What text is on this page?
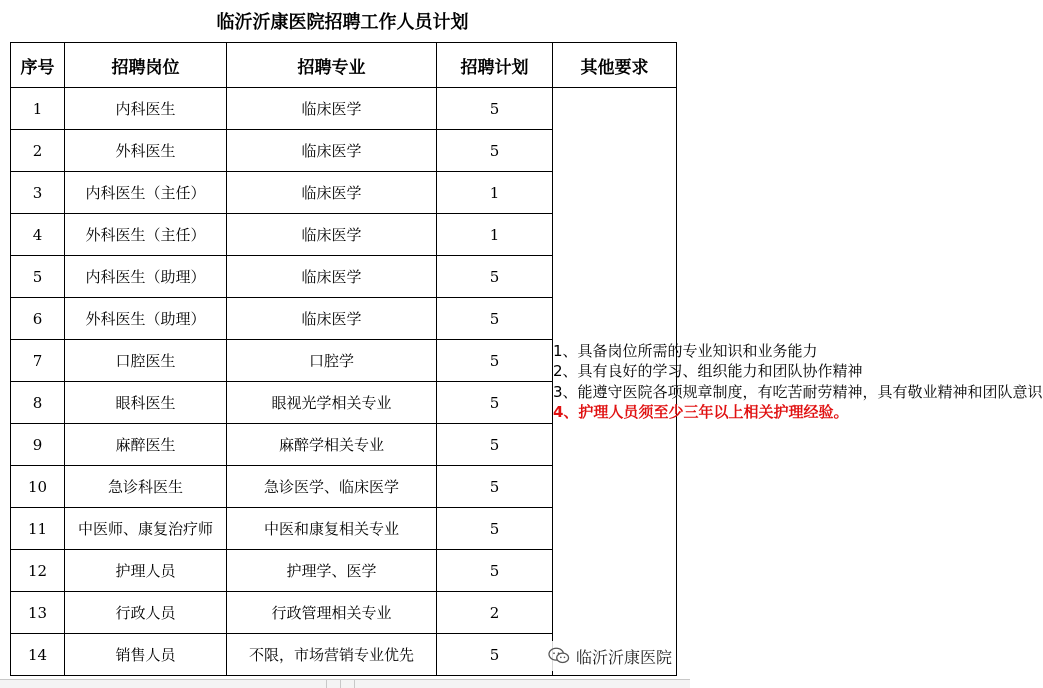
临沂沂康医院招聘工作人员计划
序号	招聘岗位	招聘专业	招聘计划	其他要求
1	内科医生	临床医学	5	1、具备岗位所需的专业知识和业务能力
2、具有良好的学习、组织能力和团队协作精神
3、能遵守医院各项规章制度，有吃苦耐劳精神，具有敬业精神和团队意识
4、护理人员须至少三年以上相关护理经验。
2	外科医生	临床医学	5	
3	内科医生（主任）	临床医学	1	
4	外科医生（主任）	临床医学	1	
5	内科医生（助理）	临床医学	5	
6	外科医生（助理）	临床医学	5	
7	口腔医生	口腔学	5	
8	眼科医生	眼视光学相关专业	5	
9	麻醉医生	麻醉学相关专业	5	
10	急诊科医生	急诊医学、临床医学	5	
11	中医师、康复治疗师	中医和康复相关专业	5	
12	护理人员	护理学、医学	5	
13	行政人员	行政管理相关专业	2	
14	销售人员	不限，市场营销专业优先	5		临沂沂康医院
